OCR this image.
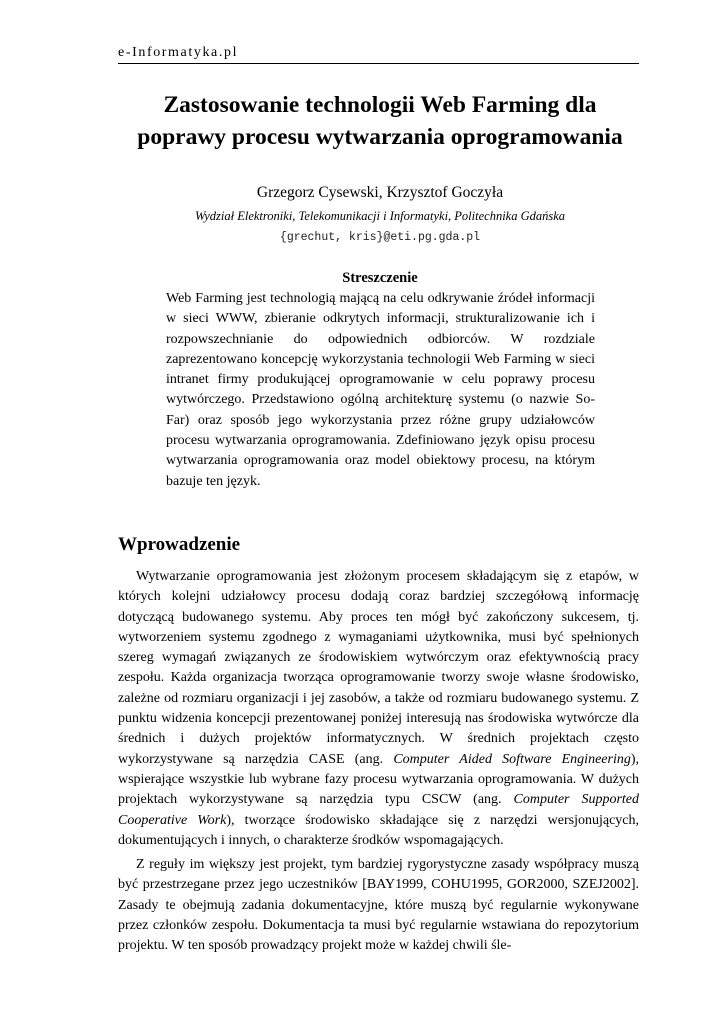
e-Informatyka.pl
Zastosowanie technologii Web Farming dla
poprawy procesu wytwarzania oprogramowania
Grzegorz Cysewski, Krzysztof Goczyła
Wydział Elektroniki, Telekomunikacji i Informatyki, Politechnika Gdańska
{grechut, kris}@eti.pg.gda.pl
Streszczenie

Web Farming jest technologią mającą na celu odkrywanie źródeł informacji w sieci WWW, zbieranie odkrytych informacji, strukturalizowanie ich i rozpowszechnianie do odpowiednich odbiorców. W rozdziale zaprezentowano koncepcję wykorzystania technologii Web Farming w sieci intranet firmy produkującej oprogramowanie w celu poprawy procesu wytwórczego. Przedstawiono ogólną architekturę systemu (o nazwie So-Far) oraz sposób jego wykorzystania przez różne grupy udziałowców procesu wytwarzania oprogramowania. Zdefiniowano język opisu procesu wytwarzania oprogramowania oraz model obiektowy procesu, na którym bazuje ten język.

Wprowadzenie

Wytwarzanie oprogramowania jest złożonym procesem składającym się z etapów, w których kolejni udziałowcy procesu dodają coraz bardziej szczegółową informację dotyczącą budowanego systemu. Aby proces ten mógł być zakończony sukcesem, tj. wytworzeniem systemu zgodnego z wymaganiami użytkownika, musi być spełnionych szereg wymagań związanych ze środowiskiem wytwórczym oraz efektywnością pracy zespołu. Każda organizacja tworząca oprogramowanie tworzy swoje własne środowisko, zależne od rozmiaru organizacji i jej zasobów, a także od rozmiaru budowanego systemu. Z punktu widzenia koncepcji prezentowanej poniżej interesują nas środowiska wytwórcze dla średnich i dużych projektów informatycznych. W średnich projektach często wykorzystywane są narzędzia CASE (ang. Computer Aided Software Engineering), wspierające wszystkie lub wybrane fazy procesu wytwarzania oprogramowania. W dużych projektach wykorzystywane są narzędzia typu CSCW (ang. Computer Supported Cooperative Work), tworzące środowisko składające się z narzędzi wersjonujących, dokumentujących i innych, o charakterze środków wspomagających.

Z reguły im większy jest projekt, tym bardziej rygorystyczne zasady współpracy muszą być przestrzegane przez jego uczestników [BAY1999, COHU1995, GOR2000, SZEJ2002]. Zasady te obejmują zadania dokumentacyjne, które muszą być regularnie wykonywane przez członków zespołu. Dokumentacja ta musi być regularnie wstawiana do repozytorium projektu. W ten sposób prowadzący projekt może w każdej chwili śle-
